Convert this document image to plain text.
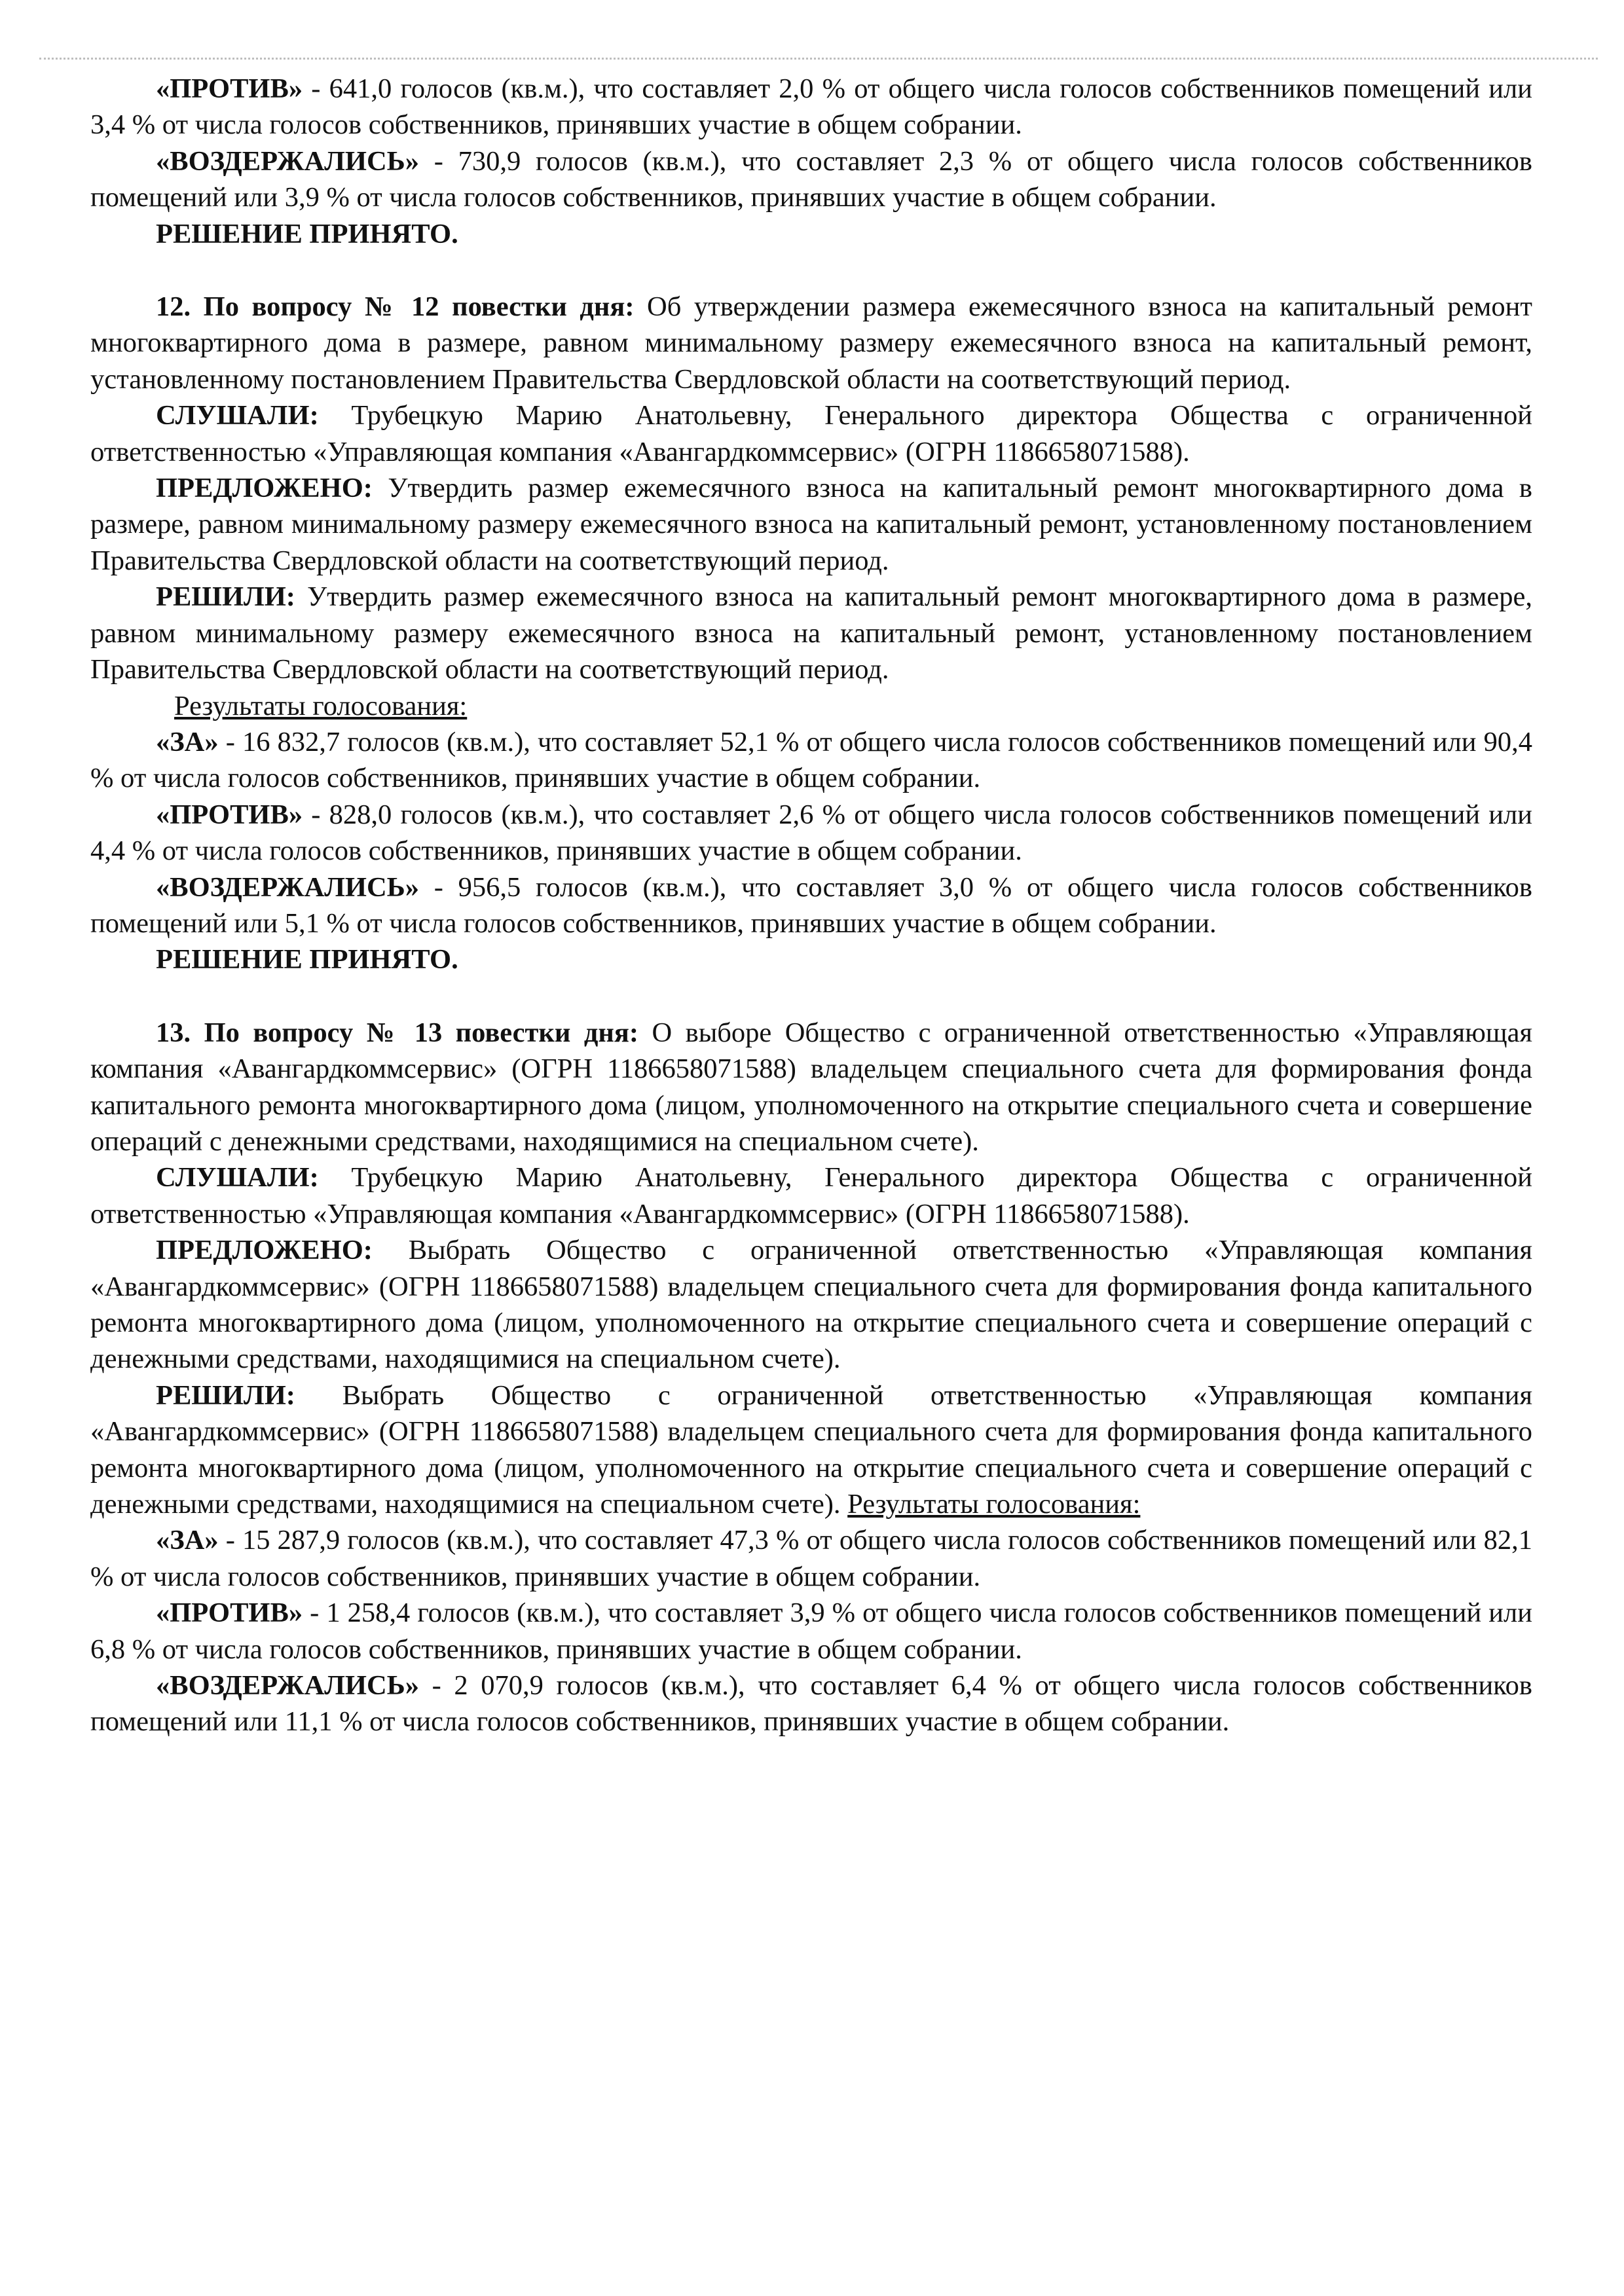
«ПРОТИВ» - 641,0 голосов (кв.м.), что составляет 2,0 % от общего числа голосов собственников помещений или 3,4 % от числа голосов собственников, принявших участие в общем собрании.

«ВОЗДЕРЖАЛИСЬ» - 730,9 голосов (кв.м.), что составляет 2,3 % от общего числа голосов собственников помещений или 3,9 % от числа голосов собственников, принявших участие в общем собрании.

РЕШЕНИЕ ПРИНЯТО.

12. По вопросу № 12 повестки дня: Об утверждении размера ежемесячного взноса на капитальный ремонт многоквартирного дома в размере, равном минимальному размеру ежемесячного взноса на капитальный ремонт, установленному постановлением Правительства Свердловской области на соответствующий период.

СЛУШАЛИ: Трубецкую Марию Анатольевну, Генерального директора Общества с ограниченной ответственностью «Управляющая компания «Авангардкоммсервис» (ОГРН 1186658071588).

ПРЕДЛОЖЕНО: Утвердить размер ежемесячного взноса на капитальный ремонт многоквартирного дома в размере, равном минимальному размеру ежемесячного взноса на капитальный ремонт, установленному постановлением Правительства Свердловской области на соответствующий период.

РЕШИЛИ: Утвердить размер ежемесячного взноса на капитальный ремонт многоквартирного дома в размере, равном минимальному размеру ежемесячного взноса на капитальный ремонт, установленному постановлением Правительства Свердловской области на соответствующий период.

Результаты голосования:

«ЗА» - 16 832,7 голосов (кв.м.), что составляет 52,1 % от общего числа голосов собственников помещений или 90,4 % от числа голосов собственников, принявших участие в общем собрании.

«ПРОТИВ» - 828,0 голосов (кв.м.), что составляет 2,6 % от общего числа голосов собственников помещений или 4,4 % от числа голосов собственников, принявших участие в общем собрании.

«ВОЗДЕРЖАЛИСЬ» - 956,5 голосов (кв.м.), что составляет 3,0 % от общего числа голосов собственников помещений или 5,1 % от числа голосов собственников, принявших участие в общем собрании.

РЕШЕНИЕ ПРИНЯТО.

13. По вопросу № 13 повестки дня: О выборе Общество с ограниченной ответственностью «Управляющая компания «Авангардкоммсервис» (ОГРН 1186658071588) владельцем специального счета для формирования фонда капитального ремонта многоквартирного дома (лицом, уполномоченного на открытие специального счета и совершение операций с денежными средствами, находящимися на специальном счете).

СЛУШАЛИ: Трубецкую Марию Анатольевну, Генерального директора Общества с ограниченной ответственностью «Управляющая компания «Авангардкоммсервис» (ОГРН 1186658071588).

ПРЕДЛОЖЕНО: Выбрать Общество с ограниченной ответственностью «Управляющая компания «Авангардкоммсервис» (ОГРН 1186658071588) владельцем специального счета для формирования фонда капитального ремонта многоквартирного дома (лицом, уполномоченного на открытие специального счета и совершение операций с денежными средствами, находящимися на специальном счете).

РЕШИЛИ: Выбрать Общество с ограниченной ответственностью «Управляющая компания «Авангардкоммсервис» (ОГРН 1186658071588) владельцем специального счета для формирования фонда капитального ремонта многоквартирного дома (лицом, уполномоченного на открытие специального счета и совершение операций с денежными средствами, находящимися на специальном счете). Результаты голосования:

«ЗА» - 15 287,9 голосов (кв.м.), что составляет 47,3 % от общего числа голосов собственников помещений или 82,1 % от числа голосов собственников, принявших участие в общем собрании.

«ПРОТИВ» - 1 258,4 голосов (кв.м.), что составляет 3,9 % от общего числа голосов собственников помещений или 6,8 % от числа голосов собственников, принявших участие в общем собрании.

«ВОЗДЕРЖАЛИСЬ» - 2 070,9 голосов (кв.м.), что составляет 6,4 % от общего числа голосов собственников помещений или 11,1 % от числа голосов собственников, принявших участие в общем собрании.
